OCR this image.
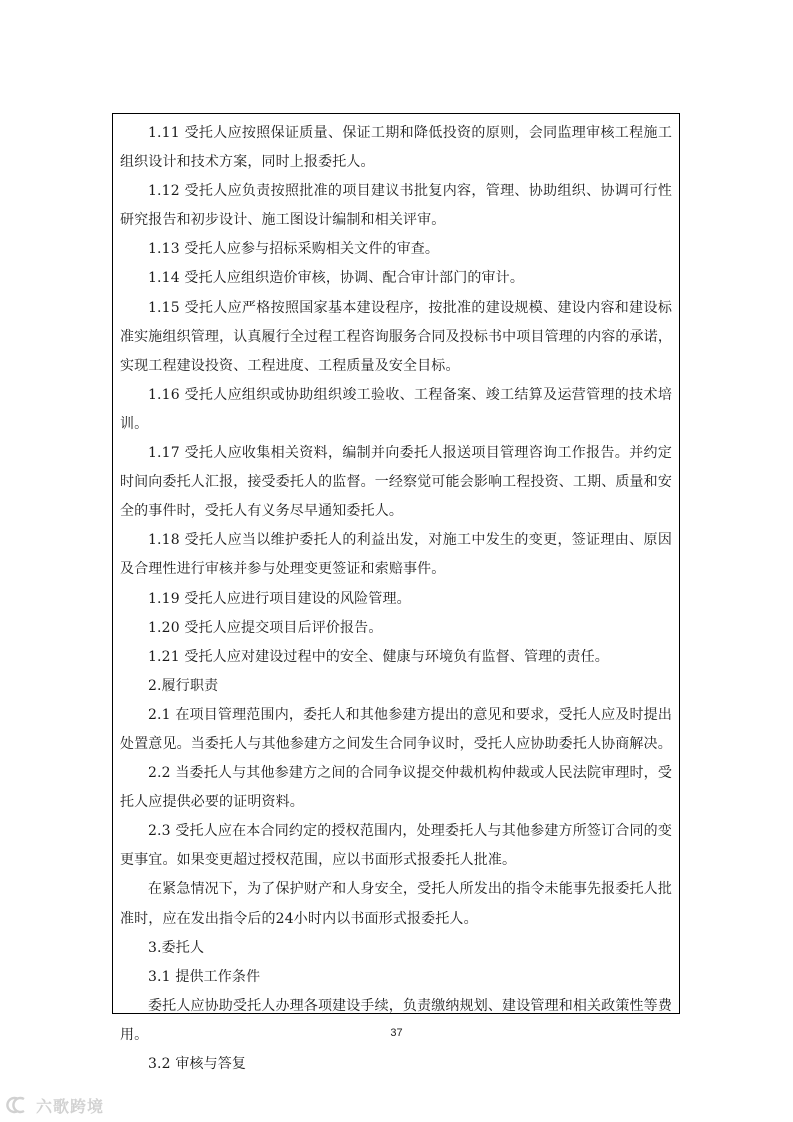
1.11 受托人应按照保证质量、保证工期和降低投资的原则，会同监理审核工程施工组织设计和技术方案，同时上报委托人。

1.12 受托人应负责按照批准的项目建议书批复内容，管理、协助组织、协调可行性研究报告和初步设计、施工图设计编制和相关评审。

1.13 受托人应参与招标采购相关文件的审查。

1.14 受托人应组织造价审核，协调、配合审计部门的审计。

1.15 受托人应严格按照国家基本建设程序，按批准的建设规模、建设内容和建设标准实施组织管理，认真履行全过程工程咨询服务合同及投标书中项目管理的内容的承诺，实现工程建设投资、工程进度、工程质量及安全目标。

1.16 受托人应组织或协助组织竣工验收、工程备案、竣工结算及运营管理的技术培训。

1.17 受托人应收集相关资料，编制并向委托人报送项目管理咨询工作报告。并约定时间向委托人汇报，接受委托人的监督。一经察觉可能会影响工程投资、工期、质量和安全的事件时，受托人有义务尽早通知委托人。

1.18 受托人应当以维护委托人的利益出发，对施工中发生的变更，签证理由、原因及合理性进行审核并参与处理变更签证和索赔事件。

1.19 受托人应进行项目建设的风险管理。

1.20 受托人应提交项目后评价报告。

1.21 受托人应对建设过程中的安全、健康与环境负有监督、管理的责任。

2.履行职责

2.1 在项目管理范围内，委托人和其他参建方提出的意见和要求，受托人应及时提出处置意见。当委托人与其他参建方之间发生合同争议时，受托人应协助委托人协商解决。

2.2 当委托人与其他参建方之间的合同争议提交仲裁机构仲裁或人民法院审理时，受托人应提供必要的证明资料。

2.3 受托人应在本合同约定的授权范围内，处理委托人与其他参建方所签订合同的变更事宜。如果变更超过授权范围，应以书面形式报委托人批准。

在紧急情况下，为了保护财产和人身安全，受托人所发出的指令未能事先报委托人批准时，应在发出指令后的24小时内以书面形式报委托人。

3.委托人

3.1 提供工作条件

委托人应协助受托人办理各项建设手续，负责缴纳规划、建设管理和相关政策性等费用。

3.2 审核与答复

37
六歌跨境
